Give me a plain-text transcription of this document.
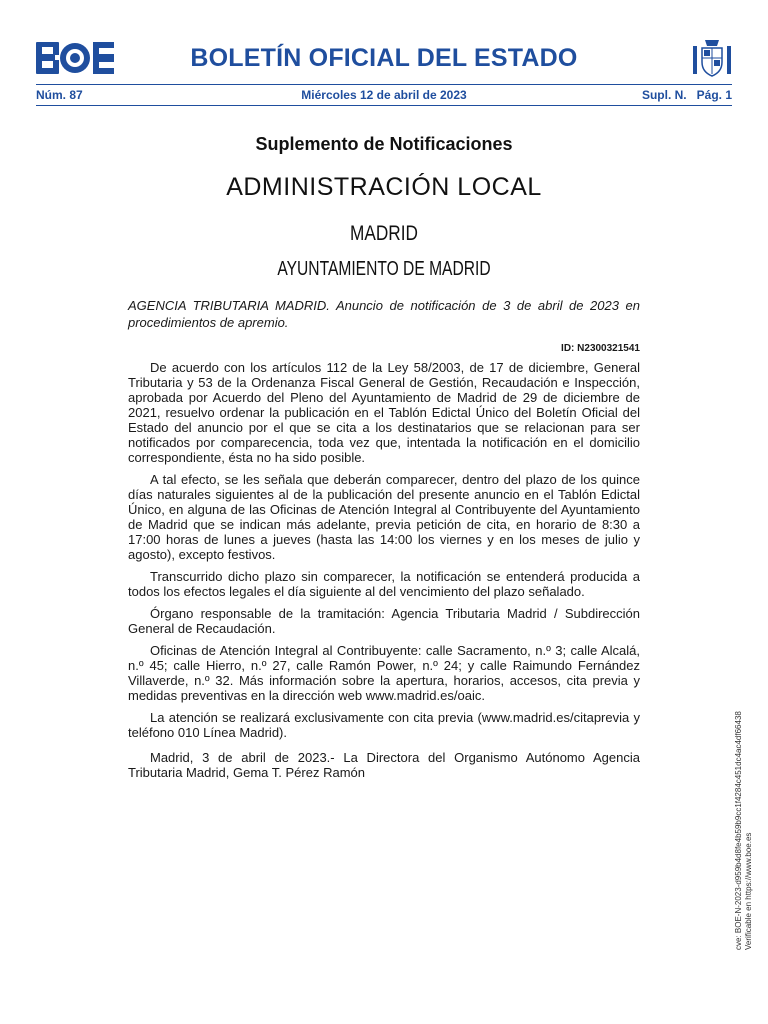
BOLETÍN OFICIAL DEL ESTADO
Núm. 87	Miércoles 12 de abril de 2023	Supl. N. Pág. 1
Suplemento de Notificaciones
ADMINISTRACIÓN LOCAL
MADRID
AYUNTAMIENTO DE MADRID

AGENCIA TRIBUTARIA MADRID. Anuncio de notificación de 3 de abril de 2023 en procedimientos de apremio.

ID: N2300321541

De acuerdo con los artículos 112 de la Ley 58/2003, de 17 de diciembre, General Tributaria y 53 de la Ordenanza Fiscal General de Gestión, Recaudación e Inspección, aprobada por Acuerdo del Pleno del Ayuntamiento de Madrid de 29 de diciembre de 2021, resuelvo ordenar la publicación en el Tablón Edictal Único del Boletín Oficial del Estado del anuncio por el que se cita a los destinatarios que se relacionan para ser notificados por comparecencia, toda vez que, intentada la notificación en el domicilio correspondiente, ésta no ha sido posible.

A tal efecto, se les señala que deberán comparecer, dentro del plazo de los quince días naturales siguientes al de la publicación del presente anuncio en el Tablón Edictal Único, en alguna de las Oficinas de Atención Integral al Contribuyente del Ayuntamiento de Madrid que se indican más adelante, previa petición de cita, en horario de 8:30 a 17:00 horas de lunes a jueves (hasta las 14:00 los viernes y en los meses de julio y agosto), excepto festivos.

Transcurrido dicho plazo sin comparecer, la notificación se entenderá producida a todos los efectos legales el día siguiente al del vencimiento del plazo señalado.

Órgano responsable de la tramitación: Agencia Tributaria Madrid / Subdirección General de Recaudación.

Oficinas de Atención Integral al Contribuyente: calle Sacramento, n.º 3; calle Alcalá, n.º 45; calle Hierro, n.º 27, calle Ramón Power, n.º 24; y calle Raimundo Fernández Villaverde, n.º 32. Más información sobre la apertura, horarios, accesos, cita previa y medidas preventivas en la dirección web www.madrid.es/oaic.

La atención se realizará exclusivamente con cita previa (www.madrid.es/citaprevia y teléfono 010 Línea Madrid).

Madrid, 3 de abril de 2023.- La Directora del Organismo Autónomo Agencia Tributaria Madrid, Gema T. Pérez Ramón	cve: BOE-N-2023-d959b4d8fe4b59b9cc1f4284c451dc4ac4df66438 Verificable en https://www.boe.es
